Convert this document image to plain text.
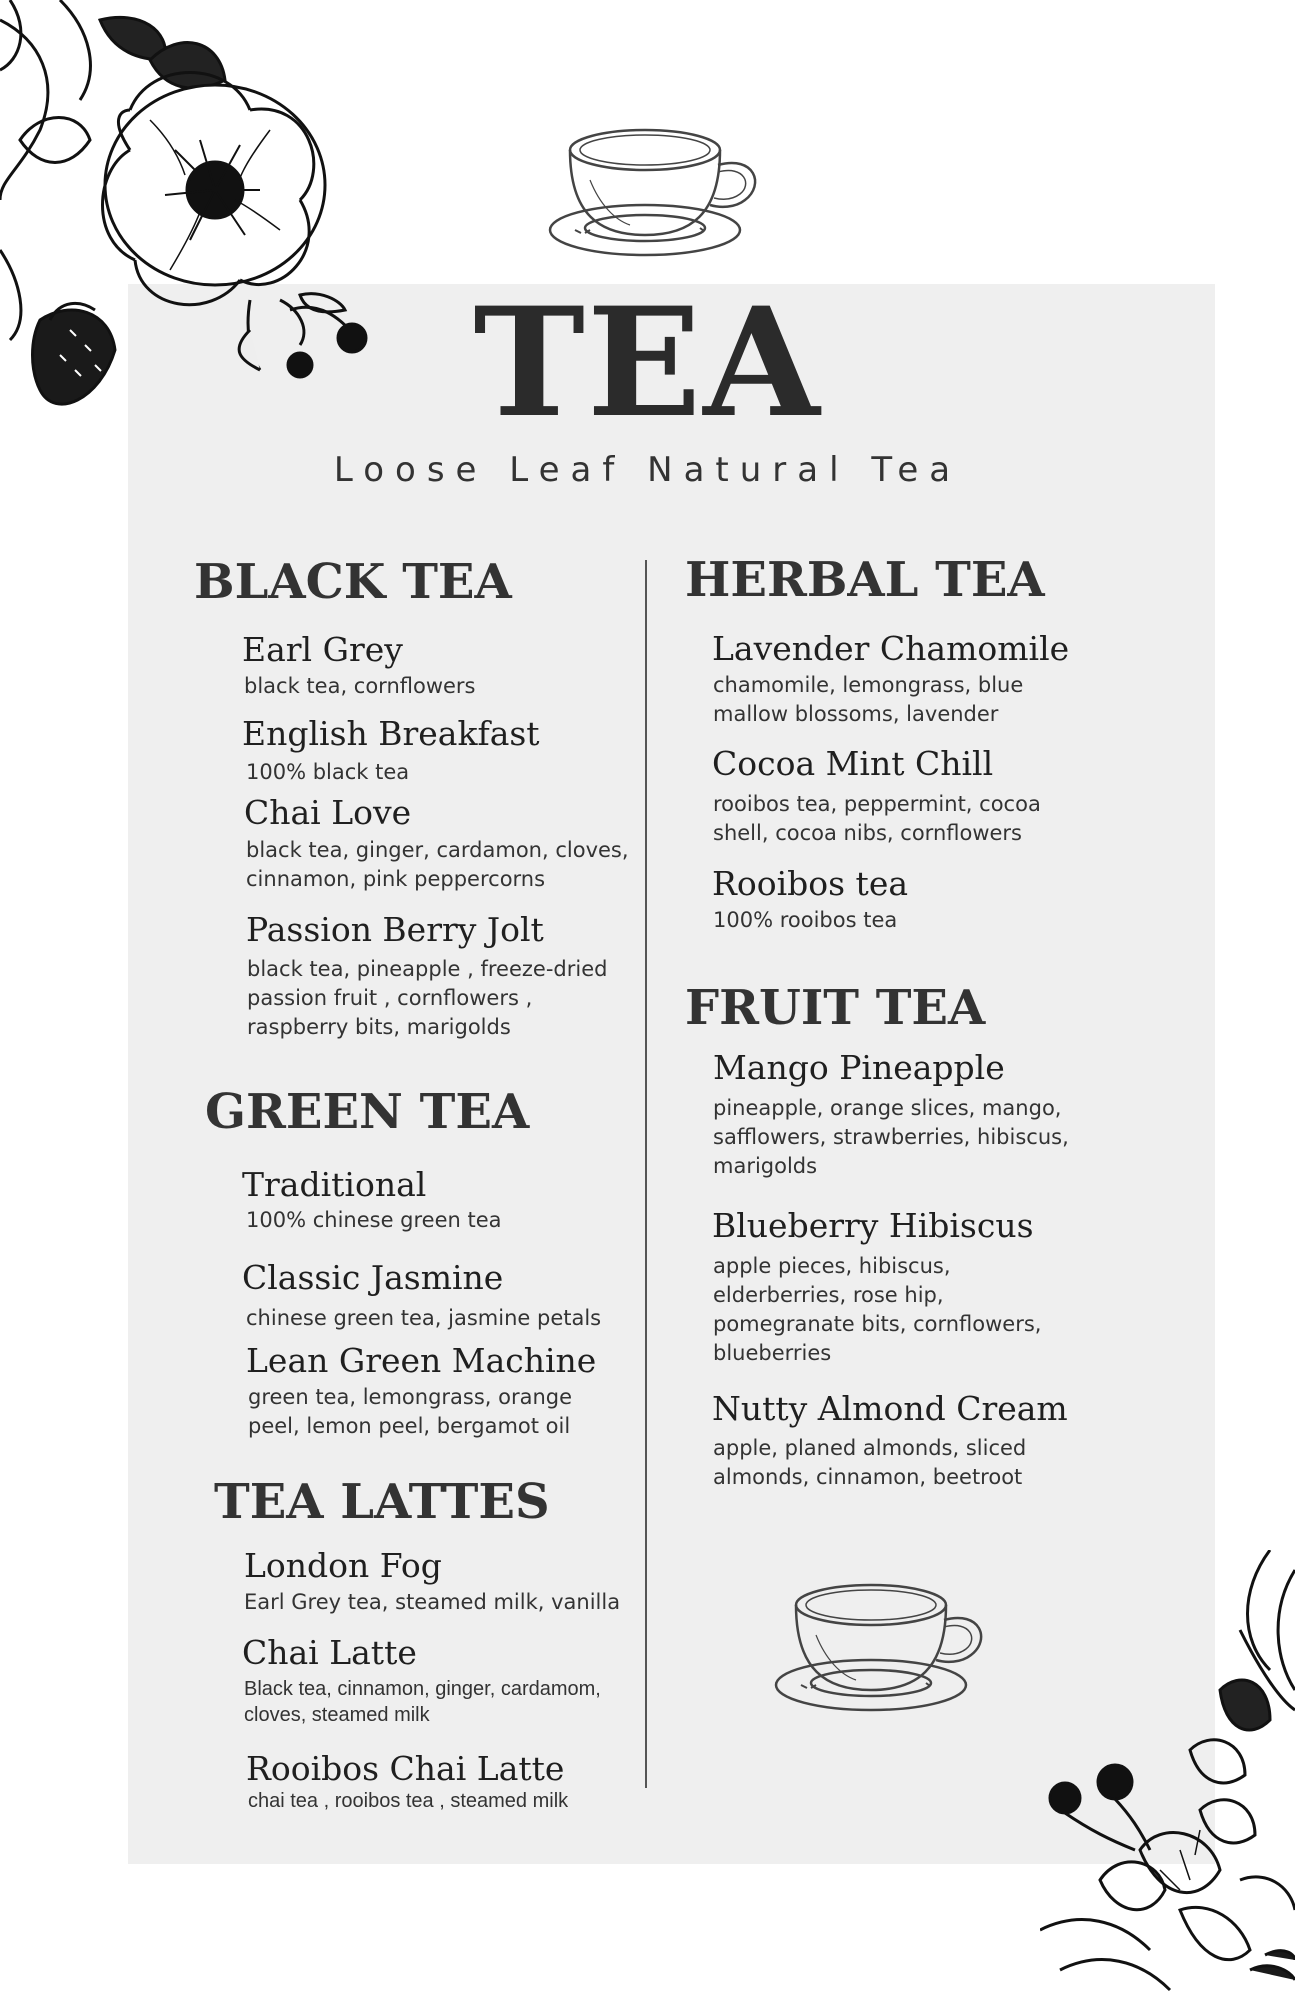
TEA
Loose Leaf Natural Tea
BLACK TEA
Earl Grey
black tea, cornflowers
English Breakfast
100% black tea
Chai Love
black tea, ginger, cardamon, cloves, cinnamon, pink peppercorns
Passion Berry Jolt
black tea, pineapple , freeze-dried passion fruit , cornflowers , raspberry bits, marigolds
GREEN TEA
Traditional
100% chinese green tea
Classic Jasmine
chinese green tea, jasmine petals
Lean Green Machine
green tea, lemongrass, orange peel, lemon peel, bergamot oil
TEA LATTES
London Fog
Earl Grey tea, steamed milk, vanilla
Chai Latte
Black tea, cinnamon, ginger, cardamom, cloves, steamed milk
Rooibos Chai Latte
chai tea , rooibos tea , steamed milk
HERBAL TEA
Lavender Chamomile
chamomile, lemongrass, blue mallow blossoms, lavender
Cocoa Mint Chill
rooibos tea, peppermint, cocoa shell, cocoa nibs, cornflowers
Rooibos tea
100% rooibos tea
FRUIT TEA
Mango Pineapple
pineapple, orange slices, mango, safflowers, strawberries, hibiscus, marigolds
Blueberry Hibiscus
apple pieces, hibiscus, elderberries, rose hip, pomegranate bits, cornflowers, blueberries
Nutty Almond Cream
apple, planed almonds, sliced almonds, cinnamon, beetroot
